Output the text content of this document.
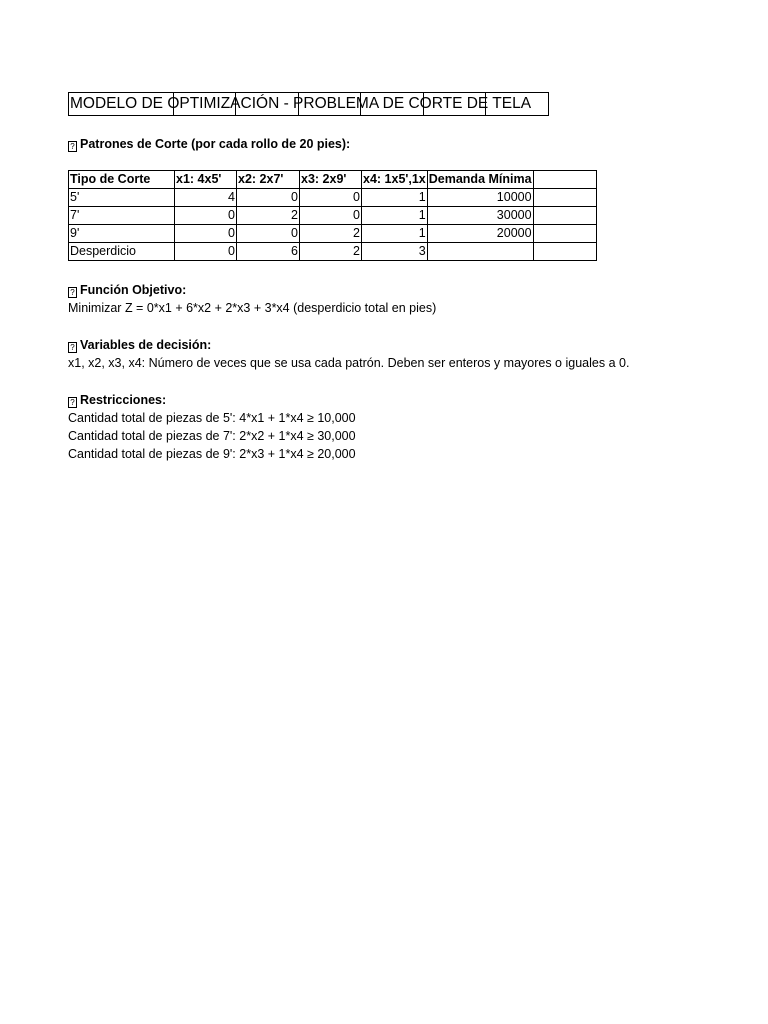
MODELO DE OPTIMIZACIÓN - PROBLEMA DE CORTE DE TELA
? Patrones de Corte (por cada rollo de 20 pies):
Tipo de Corte	x1: 4x5'	x2: 2x7'	x3: 2x9'	x4: 1x5',1x	Demanda Mínima	
5'	4	0	0	1	10000	
7'	0	2	0	1	30000	
9'	0	0	2	1	20000	
Desperdicio	0	6	2	3		
? Función Objetivo:
Minimizar Z = 0*x1 + 6*x2 + 2*x3 + 3*x4 (desperdicio total en pies)
? Variables de decisión:
x1, x2, x3, x4: Número de veces que se usa cada patrón. Deben ser enteros y mayores o iguales a 0.
? Restricciones:
Cantidad total de piezas de 5': 4*x1 + 1*x4 ≥ 10,000
Cantidad total de piezas de 7': 2*x2 + 1*x4 ≥ 30,000
Cantidad total de piezas de 9': 2*x3 + 1*x4 ≥ 20,000
